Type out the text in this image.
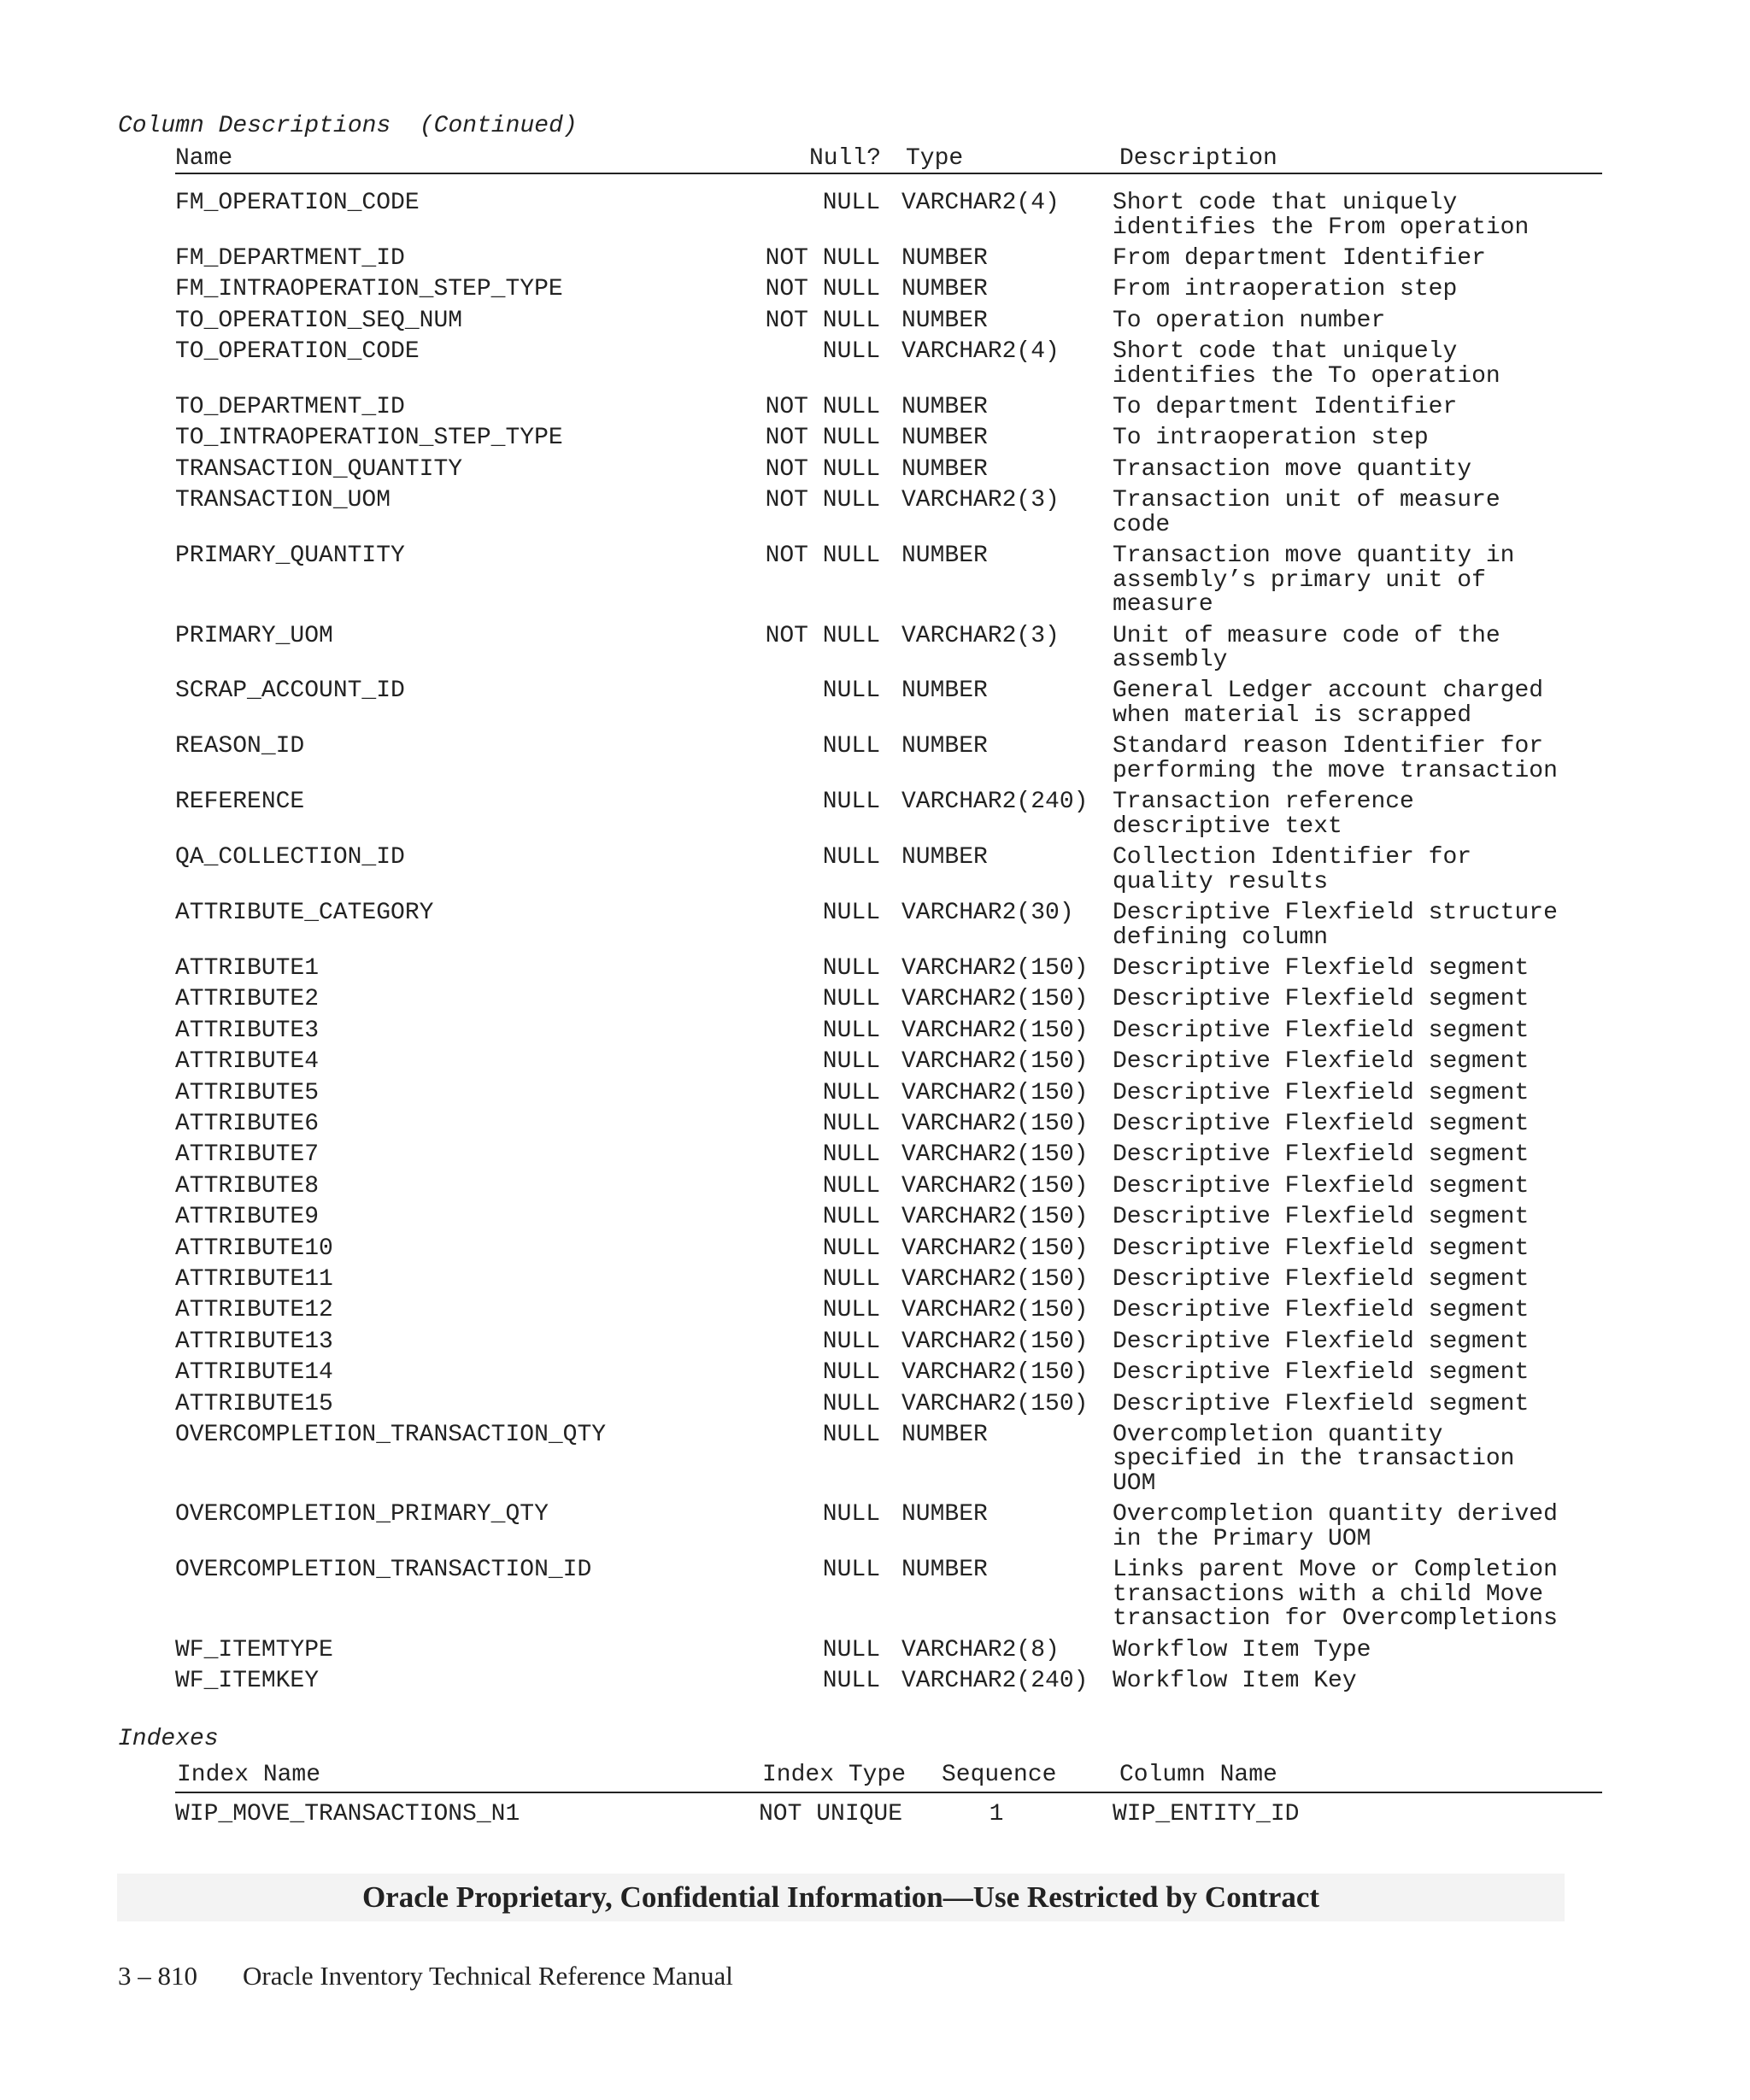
Column Descriptions  (Continued)
Name	Null? Type	Description
FM_OPERATION_CODE	NULL VARCHAR2(4) Short code that uniquely
identifies the From operation
FM_DEPARTMENT_ID	NOT NULL NUMBER	From department Identifier
FM_INTRAOPERATION_STEP_TYPE	NOT NULL NUMBER	From intraoperation step
TO_OPERATION_SEQ_NUM	NOT NULL NUMBER	To operation number
TO_OPERATION_CODE	NULL VARCHAR2(4) Short code that uniquely
identifies the To operation
TO_DEPARTMENT_ID	NOT NULL NUMBER	To department Identifier
TO_INTRAOPERATION_STEP_TYPE	NOT NULL NUMBER	To intraoperation step
TRANSACTION_QUANTITY	NOT NULL NUMBER	Transaction move quantity
TRANSACTION_UOM	NOT NULL VARCHAR2(3) Transaction unit of measure
code
PRIMARY_QUANTITY	NOT NULL NUMBER	Transaction move quantity in
assembly’s primary unit of
measure
PRIMARY_UOM	NOT NULL VARCHAR2(3) Unit of measure code of the
assembly
SCRAP_ACCOUNT_ID	NULL NUMBER	General Ledger account charged
when material is scrapped
REASON_ID	NULL NUMBER	Standard reason Identifier for
performing the move transaction
REFERENCE	NULL VARCHAR2(240) Transaction reference
descriptive text
QA_COLLECTION_ID	NULL NUMBER	Collection Identifier for
quality results
ATTRIBUTE_CATEGORY	NULL VARCHAR2(30) Descriptive Flexfield structure
defining column
ATTRIBUTE1	NULL VARCHAR2(150) Descriptive Flexfield segment
ATTRIBUTE2	NULL VARCHAR2(150) Descriptive Flexfield segment
ATTRIBUTE3	NULL VARCHAR2(150) Descriptive Flexfield segment
ATTRIBUTE4	NULL VARCHAR2(150) Descriptive Flexfield segment
ATTRIBUTE5	NULL VARCHAR2(150) Descriptive Flexfield segment
ATTRIBUTE6	NULL VARCHAR2(150) Descriptive Flexfield segment
ATTRIBUTE7	NULL VARCHAR2(150) Descriptive Flexfield segment
ATTRIBUTE8	NULL VARCHAR2(150) Descriptive Flexfield segment
ATTRIBUTE9	NULL VARCHAR2(150) Descriptive Flexfield segment
ATTRIBUTE10	NULL VARCHAR2(150) Descriptive Flexfield segment
ATTRIBUTE11	NULL VARCHAR2(150) Descriptive Flexfield segment
ATTRIBUTE12	NULL VARCHAR2(150) Descriptive Flexfield segment
ATTRIBUTE13	NULL VARCHAR2(150) Descriptive Flexfield segment
ATTRIBUTE14	NULL VARCHAR2(150) Descriptive Flexfield segment
ATTRIBUTE15	NULL VARCHAR2(150) Descriptive Flexfield segment
OVERCOMPLETION_TRANSACTION_QTY	NULL NUMBER	Overcompletion quantity
specified in the transaction
UOM
OVERCOMPLETION_PRIMARY_QTY	NULL NUMBER	Overcompletion quantity derived
in the Primary UOM
OVERCOMPLETION_TRANSACTION_ID	NULL NUMBER	Links parent Move or Completion
transactions with a child Move
transaction for Overcompletions
WF_ITEMTYPE	NULL VARCHAR2(8) Workflow Item Type
WF_ITEMKEY	NULL VARCHAR2(240) Workflow Item Key
Indexes
Index Name	Index Type Sequence	Column Name
WIP_MOVE_TRANSACTIONS_N1	NOT UNIQUE	1	WIP_ENTITY_ID
Oracle Proprietary, Confidential Information––Use Restricted by Contract
3 – 810 Oracle Inventory Technical Reference Manual
